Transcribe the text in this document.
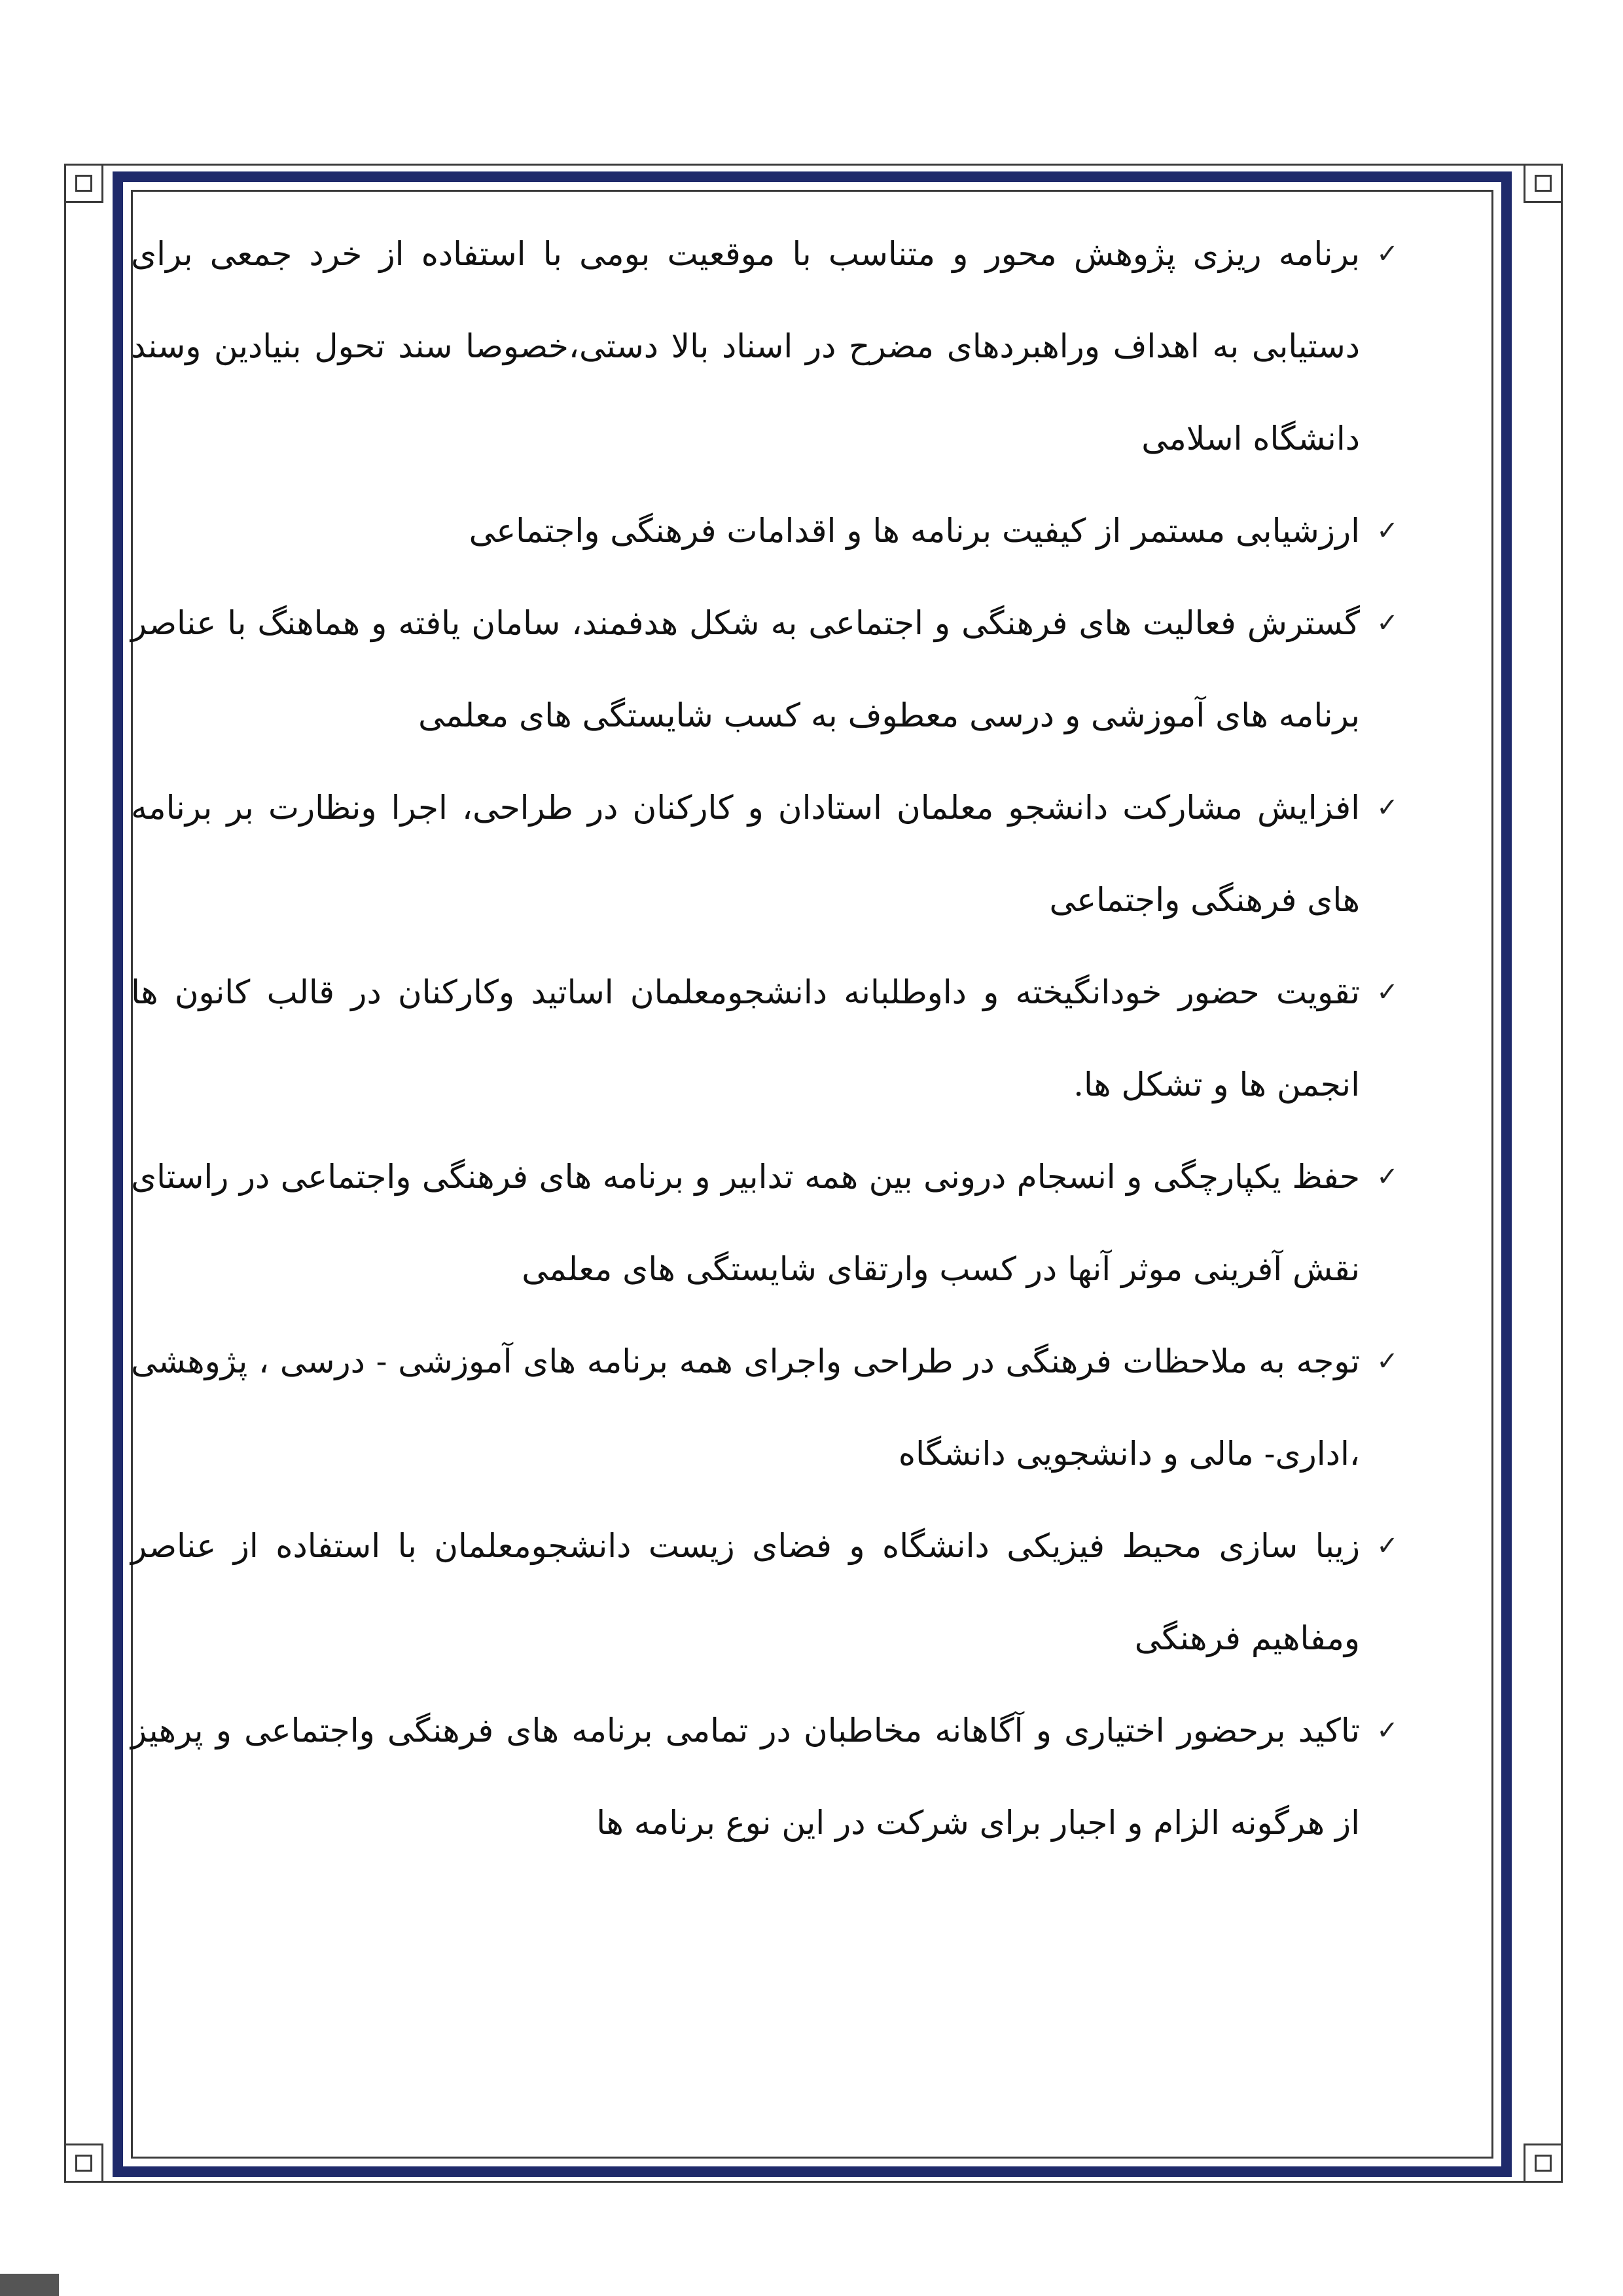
✓
برنامه ریزی پژوهش محور و متناسب با موقعیت بومی با استفاده از خرد جمعی برای دستیابی به اهداف وراهبردهای مضرح در اسناد بالا دستی،خصوصا سند تحول بنیادین وسند دانشگاه اسلامی
✓
ارزشیابی مستمر از کیفیت برنامه ها و اقدامات فرهنگی واجتماعی
✓
گسترش فعالیت های فرهنگی و اجتماعی به شکل هدفمند، سامان یافته و هماهنگ با عناصر برنامه های آموزشی و درسی معطوف به کسب شایستگی های معلمی
✓
افزایش مشارکت دانشجو معلمان استادان و کارکنان در طراحی، اجرا ونظارت بر برنامه های فرهنگی واجتماعی
✓
تقویت حضور خودانگیخته و داوطلبانه دانشجومعلمان اساتید وکارکنان در قالب کانون ها انجمن ها و تشکل ها.
✓
حفظ یکپارچگی و انسجام درونی بین همه تدابیر و برنامه های فرهنگی واجتماعی در راستای نقش آفرینی موثر آنها در کسب وارتقای شایستگی های معلمی
✓
توجه به ملاحظات فرهنگی در طراحی واجرای همه برنامه های آموزشی - درسی ، پژوهشی ،اداری- مالی و دانشجویی دانشگاه
✓
زیبا سازی محیط فیزیکی دانشگاه و فضای زیست دانشجومعلمان با استفاده از عناصر ومفاهیم فرهنگی
✓
تاکید برحضور اختیاری و آگاهانه مخاطبان در تمامی برنامه های فرهنگی واجتماعی و پرهیز از هرگونه الزام و اجبار برای شرکت در این نوع برنامه ها
